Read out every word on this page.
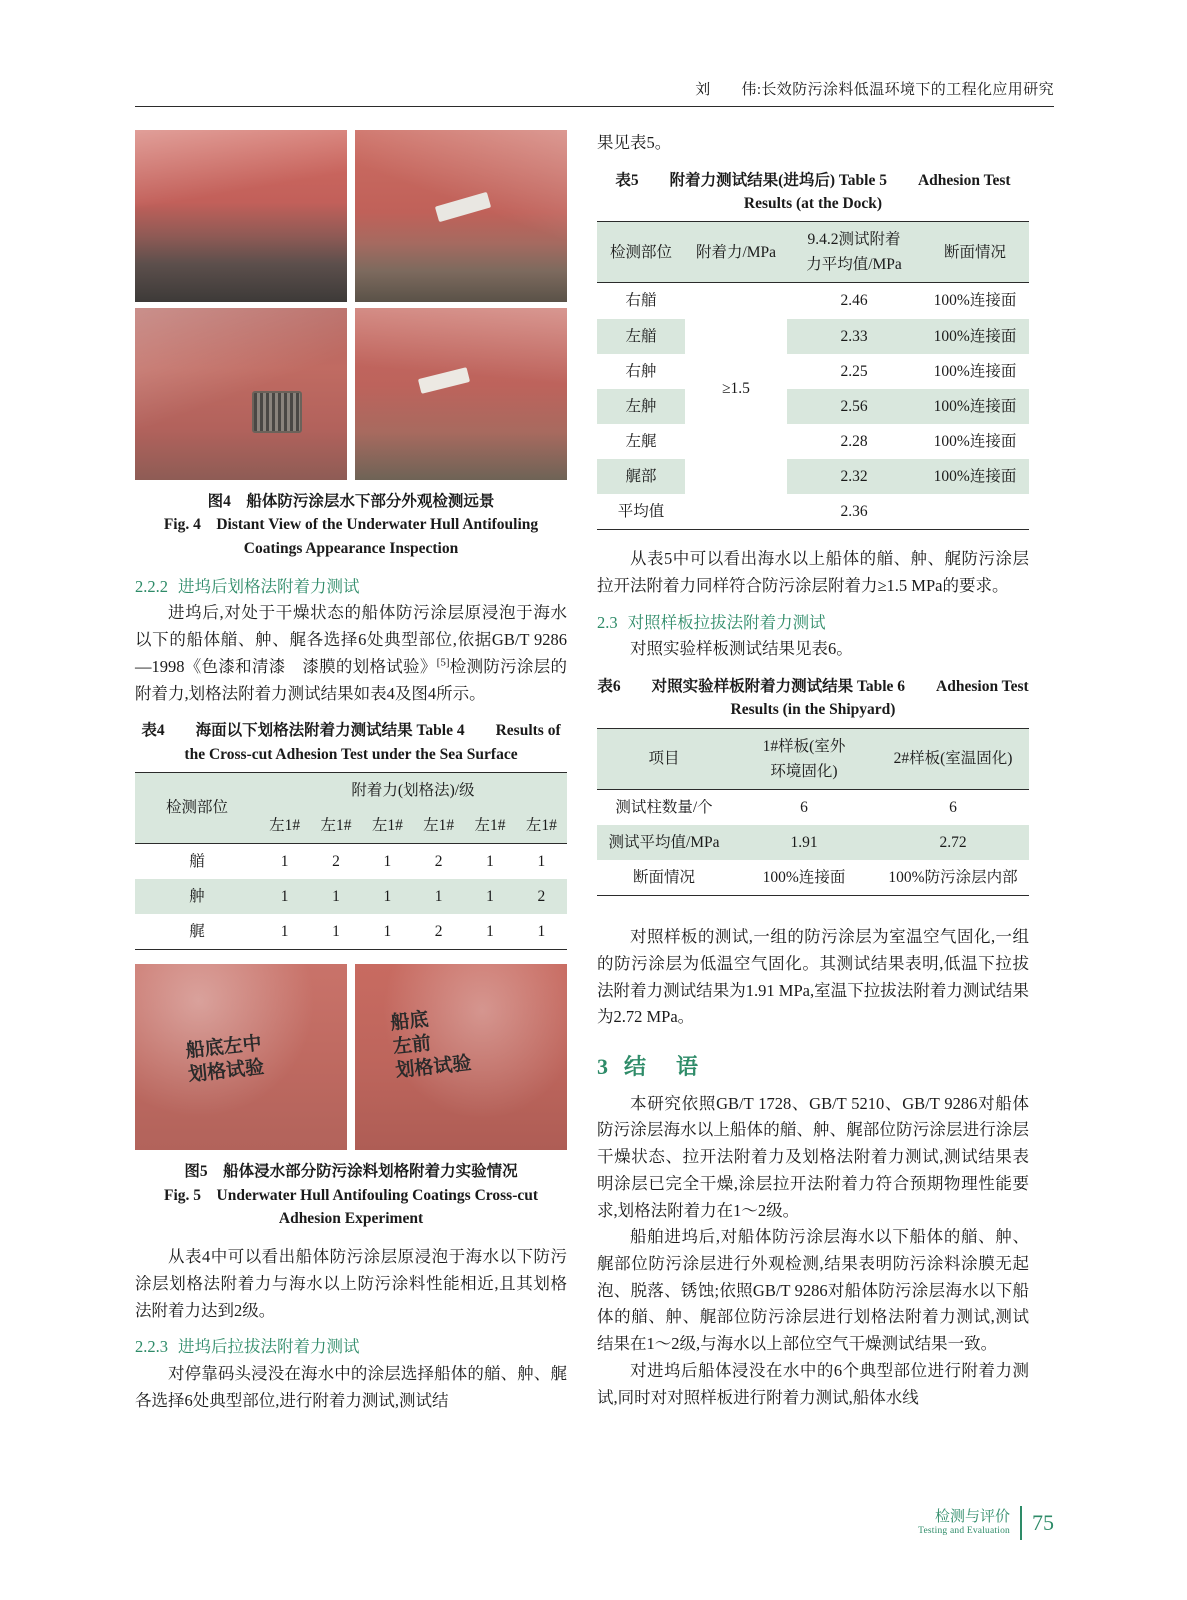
刘　　伟:长效防污涂料低温环境下的工程化应用研究
图4　船体防污涂层水下部分外观检测远景
Fig. 4　Distant View of the Underwater Hull Antifouling
Coatings Appearance Inspection

2.2.2 进坞后划格法附着力测试

进坞后,对处于干燥状态的船体防污涂层原浸泡于海水以下的船体艏、舯、艉各选择6处典型部位,依据GB/T 9286—1998《色漆和清漆　漆膜的划格试验》[5]检测防污涂层的附着力,划格法附着力测试结果如表4及图4所示。

表4　　海面以下划格法附着力测试结果 Table 4　　Results of the Cross-cut Adhesion Test under the Sea Surface
检测部位	附着力(划格法)/级					
	左1#	左1#	左1#	左1#	左1#	左1#
艏	1	2	1	2	1	1
舯	1	1	1	1	1	2
艉	1	1	1	2	1	1
船底左中
划格试验
船底
左前
划格试验
图5　船体浸水部分防污涂料划格附着力实验情况
Fig. 5　Underwater Hull Antifouling Coatings Cross-cut
Adhesion Experiment

从表4中可以看出船体防污涂层原浸泡于海水以下防污涂层划格法附着力与海水以上防污涂料性能相近,且其划格法附着力达到2级。

2.2.3 进坞后拉拔法附着力测试

对停靠码头浸没在海水中的涂层选择船体的艏、舯、艉各选择6处典型部位,进行附着力测试,测试结

果见表5。

表5　　附着力测试结果(进坞后) Table 5　　Adhesion Test Results (at the Dock)
检测部位	附着力/MPa	9.4.2测试附着
力平均值/MPa	断面情况
右艏	≥1.5	2.46	100%连接面
左艏		2.33	100%连接面
右舯		2.25	100%连接面
左舯		2.56	100%连接面
左艉		2.28	100%连接面
艉部		2.32	100%连接面
平均值		2.36	

从表5中可以看出海水以上船体的艏、舯、艉防污涂层拉开法附着力同样符合防污涂层附着力≥1.5 MPa的要求。

2.3 对照样板拉拔法附着力测试

对照实验样板测试结果见表6。

表6　　对照实验样板附着力测试结果 Table 6　　Adhesion Test Results (in the Shipyard)
项目	1#样板(室外
环境固化)	2#样板(室温固化)
测试柱数量/个	6	6
测试平均值/MPa	1.91	2.72
断面情况	100%连接面	100%防污涂层内部

对照样板的测试,一组的防污涂层为室温空气固化,一组的防污涂层为低温空气固化。其测试结果表明,低温下拉拔法附着力测试结果为1.91 MPa,室温下拉拔法附着力测试结果为2.72 MPa。

3 结　语

本研究依照GB/T 1728、GB/T 5210、GB/T 9286对船体防污涂层海水以上船体的艏、舯、艉部位防污涂层进行涂层干燥状态、拉开法附着力及划格法附着力测试,测试结果表明涂层已完全干燥,涂层拉开法附着力符合预期物理性能要求,划格法附着力在1～2级。

船舶进坞后,对船体防污涂层海水以下船体的艏、舯、艉部位防污涂层进行外观检测,结果表明防污涂料涂膜无起泡、脱落、锈蚀;依照GB/T 9286对船体防污涂层海水以下船体的艏、舯、艉部位防污涂层进行划格法附着力测试,测试结果在1～2级,与海水以上部位空气干燥测试结果一致。

对进坞后船体浸没在水中的6个典型部位进行附着力测试,同时对对照样板进行附着力测试,船体水线

检测与评价
Testing and Evaluation 75
